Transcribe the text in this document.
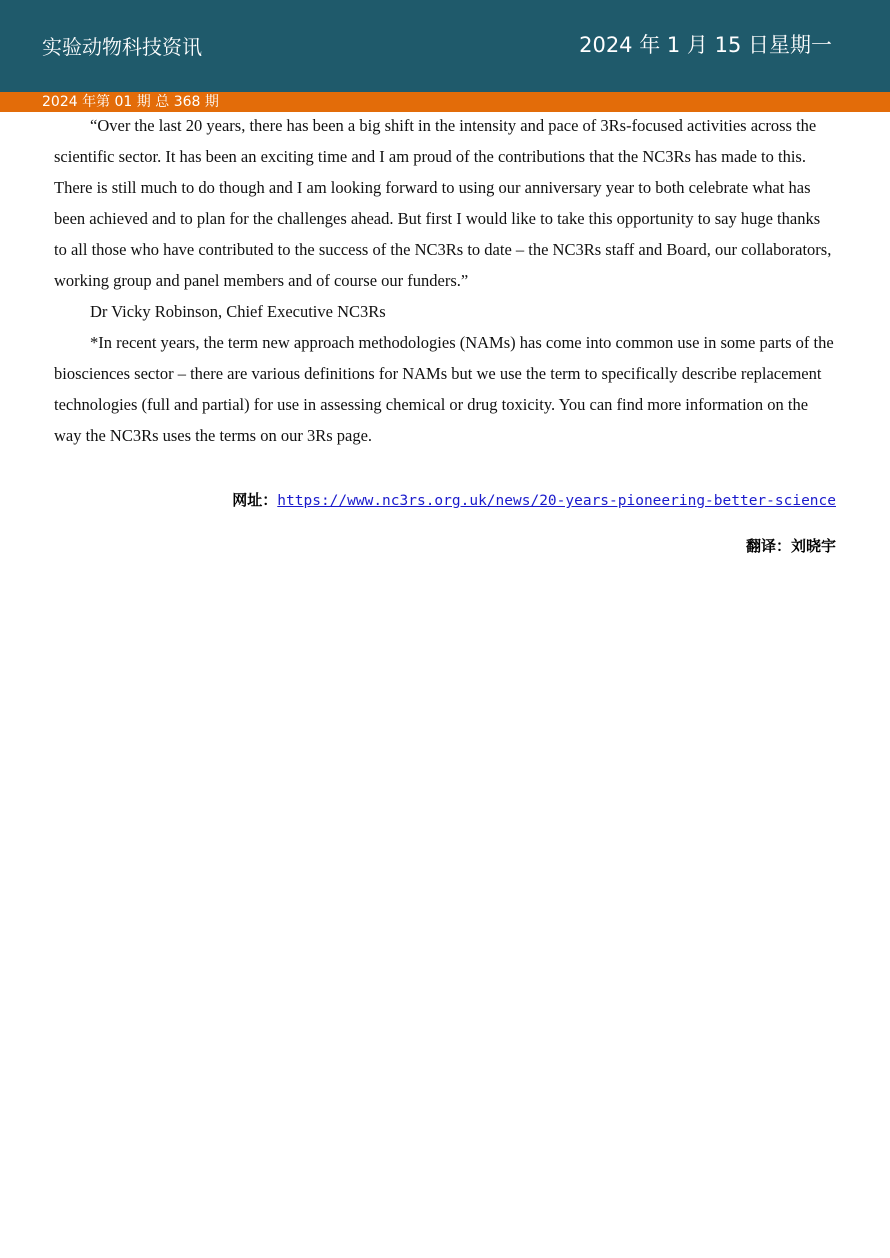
实验动物科技资讯	2024 年 1 月 15 日星期一
2024 年第 01 期 总 368 期

“Over the last 20 years, there has been a big shift in the intensity and pace of 3Rs-focused activities across the scientific sector. It has been an exciting time and I am proud of the contributions that the NC3Rs has made to this. There is still much to do though and I am looking forward to using our anniversary year to both celebrate what has been achieved and to plan for the challenges ahead. But first I would like to take this opportunity to say huge thanks to all those who have contributed to the success of the NC3Rs to date – the NC3Rs staff and Board, our collaborators, working group and panel members and of course our funders.”

Dr Vicky Robinson, Chief Executive NC3Rs

*In recent years, the term new approach methodologies (NAMs) has come into common use in some parts of the biosciences sector – there are various definitions for NAMs but we use the term to specifically describe replacement technologies (full and partial) for use in assessing chemical or drug toxicity. You can find more information on the way the NC3Rs uses the terms on our 3Rs page.

网址：https://www.nc3rs.org.uk/news/20-years-pioneering-better-science
翻译：刘晓宇
